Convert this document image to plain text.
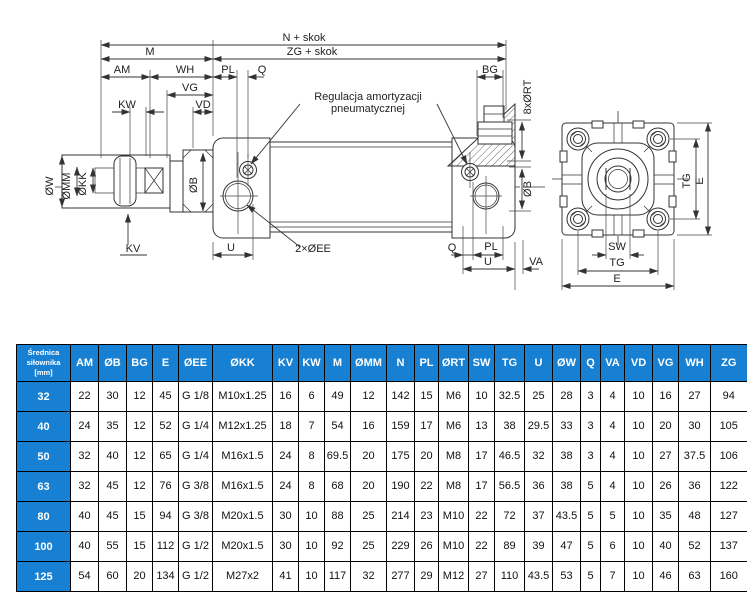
N + skok
M	ZG + skok
AM	WH PL Q
VG
VD
KW
BG
8xØRT
ØB
ØW ØMM ØKK	ØB
KV	U	2×ØEE	Q	PL
U	VA
Regulacja amortyzacji
pneumatycznej
SW
TG
E
TG E
Średnica
siłownika
[mm]	AM	ØB	BG	E	ØEE	ØKK	KV	KW	M	ØMM	N	PL	ØRT	SW	TG	U	ØW	Q	VA	VD	VG	WH	ZG
32	22	30	12	45	G 1/8	M10x1.25	16	6	49	12	142	15	M6	10	32.5	25	28	3	4	10	16	27	94
40	24	35	12	52	G 1/4	M12x1.25	18	7	54	16	159	17	M6	13	38	29.5	33	3	4	10	20	30	105
50	32	40	12	65	G 1/4	M16x1.5	24	8	69.5	20	175	20	M8	17	46.5	32	38	3	4	10	27	37.5	106
63	32	45	12	76	G 3/8	M16x1.5	24	8	68	20	190	22	M8	17	56.5	36	38	5	4	10	26	36	122
80	40	45	15	94	G 3/8	M20x1.5	30	10	88	25	214	23	M10	22	72	37	43.5	5	5	10	35	48	127
100	40	55	15	112	G 1/2	M20x1.5	30	10	92	25	229	26	M10	22	89	39	47	5	6	10	40	52	137
125	54	60	20	134	G 1/2	M27x2	41	10	117	32	277	29	M12	27	110	43.5	53	5	7	10	46	63	160
